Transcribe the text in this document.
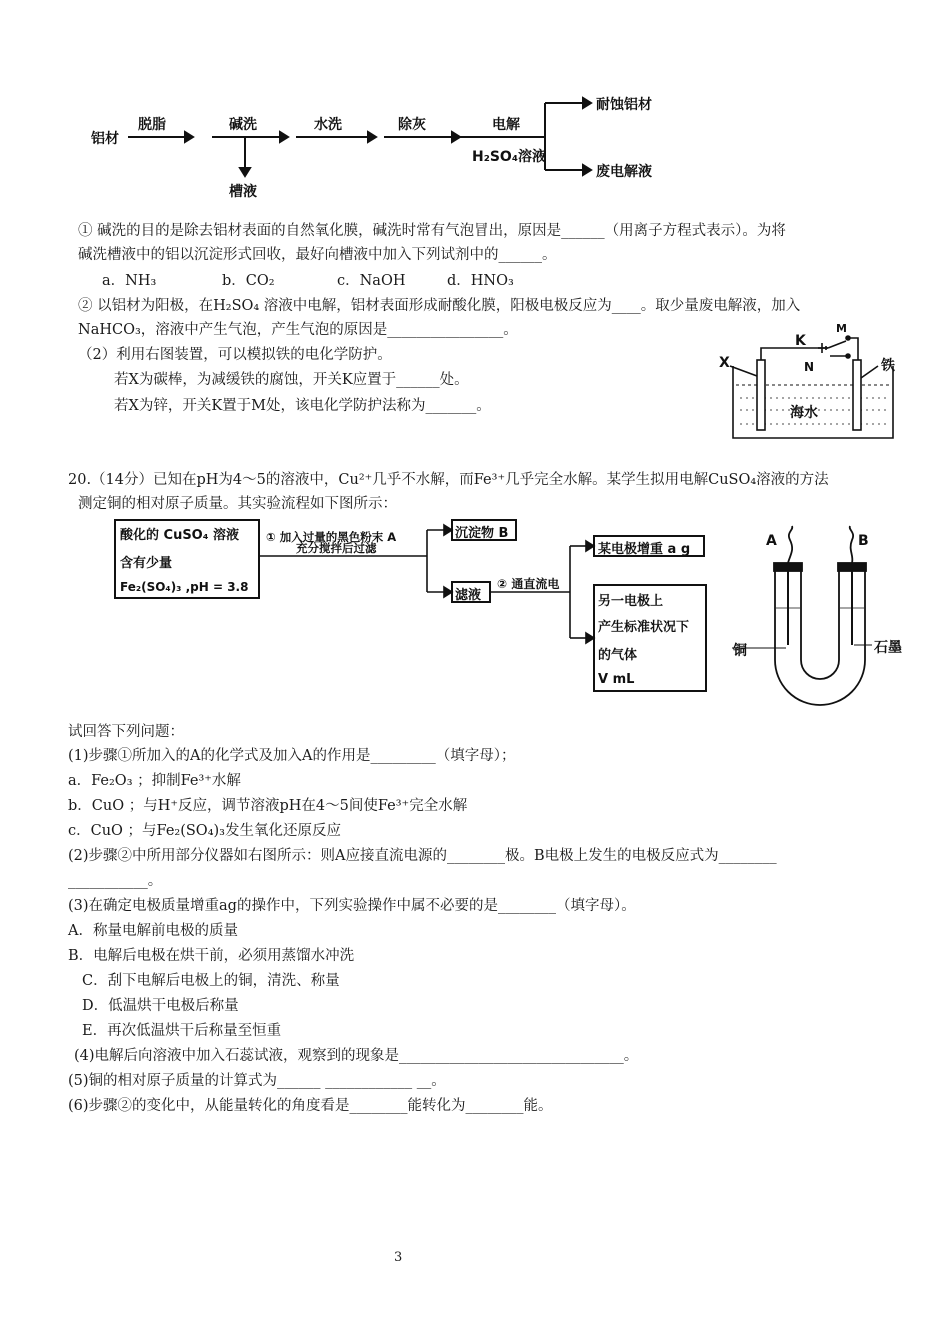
铝材
脱脂	碱洗	水洗	除灰	电解
H₂SO₄溶液
槽液
耐蚀铝材
废电解液
① 碱洗的目的是除去铝材表面的自然氧化膜，碱洗时常有气泡冒出，原因是______（用离子方程式表示）。为将
碱洗槽液中的铝以沉淀形式回收，最好向槽液中加入下列试剂中的______。
a．NH₃	b．CO₂	c．NaOH	d．HNO₃
② 以铝材为阳极，在H₂SO₄ 溶液中电解，铝材表面形成耐酸化膜，阳极电极反应为____。取少量废电解液，加入
NaHCO₃，溶液中产生气泡，产生气泡的原因是________________。
（2）利用右图装置，可以模拟铁的电化学防护。
若X为碳棒，为减缓铁的腐蚀，开关K应置于______处。
若X为锌，开关K置于M处，该电化学防护法称为_______。
X	铁
K
M
N
海水
20.（14分）已知在pH为4～5的溶液中，Cu²⁺几乎不水解，而Fe³⁺几乎完全水解。某学生拟用电解CuSO₄溶液的方法
测定铜的相对原子质量。其实验流程如下图所示：
酸化的 CuSO₄ 溶液
含有少量
Fe₂(SO₄)₃ ,pH = 3.8
① 加入过量的黑色粉末 A
充分搅拌后过滤
沉淀物 B
滤液
② 通直流电
某电极增重 a g
另一电极上
产生标准状况下
的气体
V mL
A	B
铜	石墨
试回答下列问题：
(1)步骤①所加入的A的化学式及加入A的作用是_________（填字母）；
a．Fe₂O₃ ；抑制Fe³⁺水解
b．CuO ；与H⁺反应，调节溶液pH在4～5间使Fe³⁺完全水解
c．CuO ；与Fe₂(SO₄)₃发生氧化还原反应
(2)步骤②中所用部分仪器如右图所示：则A应接直流电源的________极。B电极上发生的电极反应式为________
___________。
(3)在确定电极质量增重ag的操作中，下列实验操作中属不必要的是________（填字母）。
A．称量电解前电极的质量
B．电解后电极在烘干前，必须用蒸馏水冲洗
C．刮下电解后电极上的铜，清洗、称量
D．低温烘干电极后称量
E．再次低温烘干后称量至恒重
(4)电解后向溶液中加入石蕊试液，观察到的现象是_______________________________。
(5)铜的相对原子质量的计算式为______ ____________ __。
(6)步骤②的变化中，从能量转化的角度看是________能转化为________能。
3
